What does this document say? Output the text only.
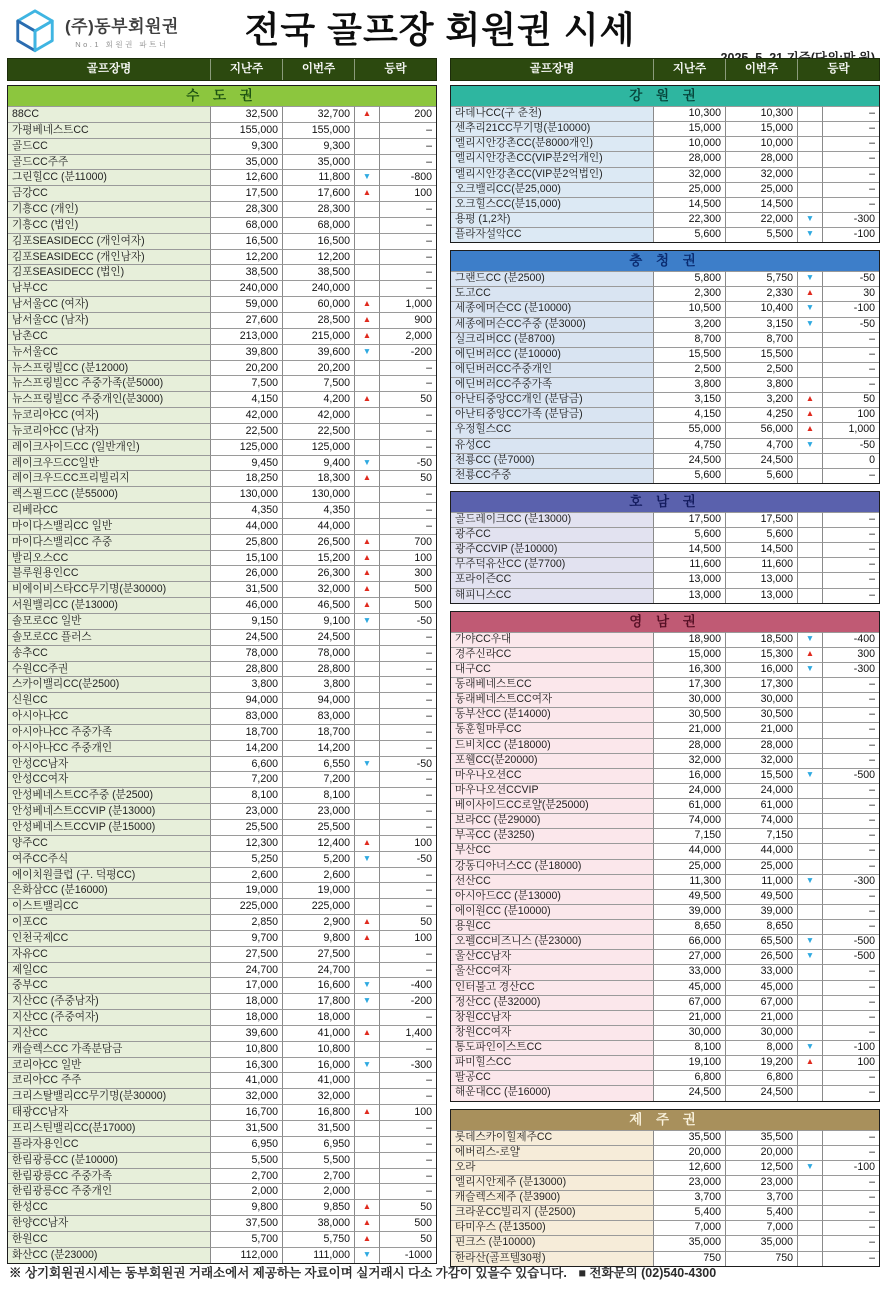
(주)동부회원권
No.1 회원권 파트너	전국 골프장 회원권 시세
골프장명	지난주	이번주	등락
수 도 권
88CC	32,500	32,700	▲	200
가평베네스트CC	155,000	155,000	–
골드CC	9,300	9,300	–
골드CC주주	35,000	35,000	–
그린힐CC (분11000)	12,600	11,800	▼	-800
금강CC	17,500	17,600	▲	100
기흥CC (개인)	28,300	28,300	–
기흥CC (법인)	68,000	68,000	–
김포SEASIDECC (개인여자)	16,500	16,500	–
김포SEASIDECC (개인남자)	12,200	12,200	–
김포SEASIDECC (법인)	38,500	38,500	–
남부CC	240,000	240,000	–
남서울CC (여자)	59,000	60,000	▲	1,000
남서울CC (남자)	27,600	28,500	▲	900
남촌CC	213,000	215,000	▲	2,000
뉴서울CC	39,800	39,600	▼	-200
뉴스프링빌CC (분12000)	20,200	20,200	–
뉴스프링빌CC 주중가족(분5000)	7,500	7,500	–
뉴스프링빌CC 주중개인(분3000)	4,150	4,200	▲	50
뉴코리아CC (여자)	42,000	42,000	–
뉴코리아CC (남자)	22,500	22,500	–
레이크사이드CC (일반개인)	125,000	125,000	–
레이크우드CC일반	9,450	9,400	▼	-50
레이크우드CC프리빌리지	18,250	18,300	▲	50
렉스필드CC (분55000)	130,000	130,000	–
리베라CC	4,350	4,350	–
마이다스밸리CC 일반	44,000	44,000	–
마이다스밸리CC 주중	25,800	26,500	▲	700
발리오스CC	15,100	15,200	▲	100
블루원용인CC	26,000	26,300	▲	300
비에이비스타CC무기명(분30000)	31,500	32,000	▲	500
서원밸리CC (분13000)	46,000	46,500	▲	500
솔모로CC 일반	9,150	9,100	▼	-50
솔모로CC 플러스	24,500	24,500	–
송추CC	78,000	78,000	–
수원CC주권	28,800	28,800	–
스카이밸리CC(분2500)	3,800	3,800	–
신원CC	94,000	94,000	–
아시아나CC	83,000	83,000	–
아시아나CC 주중가족	18,700	18,700	–
아시아나CC 주중개인	14,200	14,200	–
안성CC남자	6,600	6,550	▼	-50
안성CC여자	7,200	7,200	–
안성베네스트CC주중 (분2500)	8,100	8,100	–
안성베네스트CCVIP (분13000)	23,000	23,000	–
안성베네스트CCVIP (분15000)	25,500	25,500	–
양주CC	12,300	12,400	▲	100
여주CC주식	5,250	5,200	▼	-50
에이치원클럽 (구. 덕평CC)	2,600	2,600	–
은화삼CC (분16000)	19,000	19,000	–
이스트밸리CC	225,000	225,000	–
이포CC	2,850	2,900	▲	50
인천국제CC	9,700	9,800	▲	100
자유CC	27,500	27,500	–
제일CC	24,700	24,700	–
중부CC	17,000	16,600	▼	-400
지산CC (주중남자)	18,000	17,800	▼	-200
지산CC (주중여자)	18,000	18,000	–
지산CC	39,600	41,000	▲	1,400
캐슬렉스CC 가족분담금	10,800	10,800	–
코리아CC 일반	16,300	16,000	▼	-300
코리아CC 주주	41,000	41,000	–
크리스탈밸리CC무기명(분30000)	32,000	32,000	–
태광CC남자	16,700	16,800	▲	100
프리스틴밸리CC(분17000)	31,500	31,500	–
플라자용인CC	6,950	6,950	–
한림광릉CC (분10000)	5,500	5,500	–
한림광릉CC 주중가족	2,700	2,700	–
한림광릉CC 주중개인	2,000	2,000	–
한성CC	9,800	9,850	▲	50
한양CC남자	37,500	38,000	▲	500
한원CC	5,700	5,750	▲	50
화산CC (분23000)	112,000	111,000	▼	-1000
골프장명	지난주	이번주	등락
강 원 권
라데나CC(구 춘천)	10,300	10,300	–
센추리21CC무기명(분10000)	15,000	15,000	–
엘리시안강촌CC(분8000개인)	10,000	10,000	–
엘리시안강촌CC(VIP분2억개인)	28,000	28,000	–
엘리시안강촌CC(VIP분2억법인)	32,000	32,000	–
오크밸리CC(분25,000)	25,000	25,000	–
오크힐스CC(분15,000)	14,500	14,500	–
용평 (1,2차)	22,300	22,000	▼	-300
플라자설악CC	5,600	5,500	▼	-100
충 청 권
그랜드CC (분2500)	5,800	5,750	▼	-50
도고CC	2,300	2,330	▲	30
세종에머슨CC (분10000)	10,500	10,400	▼	-100
세종에머슨CC주중 (분3000)	3,200	3,150	▼	-50
실크리버CC (분8700)	8,700	8,700	–
에딘버러CC (분10000)	15,500	15,500	–
에딘버러CC주중개인	2,500	2,500	–
에딘버러CC주중가족	3,800	3,800	–
아난티중앙CC개인 (분담금)	3,150	3,200	▲	50
아난티중앙CC가족 (분담금)	4,150	4,250	▲	100
우정힐스CC	55,000	56,000	▲	1,000
유성CC	4,750	4,700	▼	-50
천룡CC (분7000)	24,500	24,500	0
천룡CC주중	5,600	5,600	–
호 남 권
골드레이크CC (분13000)	17,500	17,500	–
광주CC	5,600	5,600	–
광주CCVIP (분10000)	14,500	14,500	–
무주덕유산CC (분7700)	11,600	11,600	–
포라이즌CC	13,000	13,000	–
해피니스CC	13,000	13,000	–
영 남 권
가야CC우대	18,900	18,500	▼	-400
경주신라CC	15,000	15,300	▲	300
대구CC	16,300	16,000	▼	-300
동래베네스트CC	17,300	17,300	–
동래베네스트CC여자	30,000	30,000	–
동부산CC (분14000)	30,500	30,500	–
동훈힐마루CC	21,000	21,000	–
드비치CC (분18000)	28,000	28,000	–
포웰CC(분20000)	32,000	32,000	–
마우나오션CC	16,000	15,500	▼	-500
마우나오션CCVIP	24,000	24,000	–
베이사이드CC로얄(분25000)	61,000	61,000	–
보라CC (분29000)	74,000	74,000	–
부곡CC (분3250)	7,150	7,150	–
부산CC	44,000	44,000	–
강동디아너스CC (분18000)	25,000	25,000	–
선산CC	11,300	11,000	▼	-300
아시아드CC (분13000)	49,500	49,500	–
에이원CC (분10000)	39,000	39,000	–
용원CC	8,650	8,650	–
오펠CC비즈니스 (분23000)	66,000	65,500	▼	-500
울산CC남자	27,000	26,500	▼	-500
울산CC여자	33,000	33,000	–
인터불고 경산CC	45,000	45,000	–
정산CC (분32000)	67,000	67,000	–
창원CC남자	21,000	21,000	–
창원CC여자	30,000	30,000	–
통도파인이스트CC	8,100	8,000	▼	-100
파미힐스CC	19,100	19,200	▲	100
팔공CC	6,800	6,800	–
해운대CC (분16000)	24,500	24,500	–
제 주 권
롯데스카이힐제주CC	35,500	35,500	–
에버리스-로얄	20,000	20,000	–
오라	12,600	12,500	▼	-100
엘리시안제주 (분13000)	23,000	23,000	–
캐슬렉스제주 (분3900)	3,700	3,700	–
크라운CC빌리지 (분2500)	5,400	5,400	–
타미우스 (분13500)	7,000	7,000	–
핀크스 (분10000)	35,000	35,000	–
한라산(골프텔30평)	750	750	–
※ 상기회원권시세는 동부회원권 거래소에서 제공하는 자료이며 실거래시 다소 가감이 있을수 있습니다. ■ 전화문의 (02)540-4300
